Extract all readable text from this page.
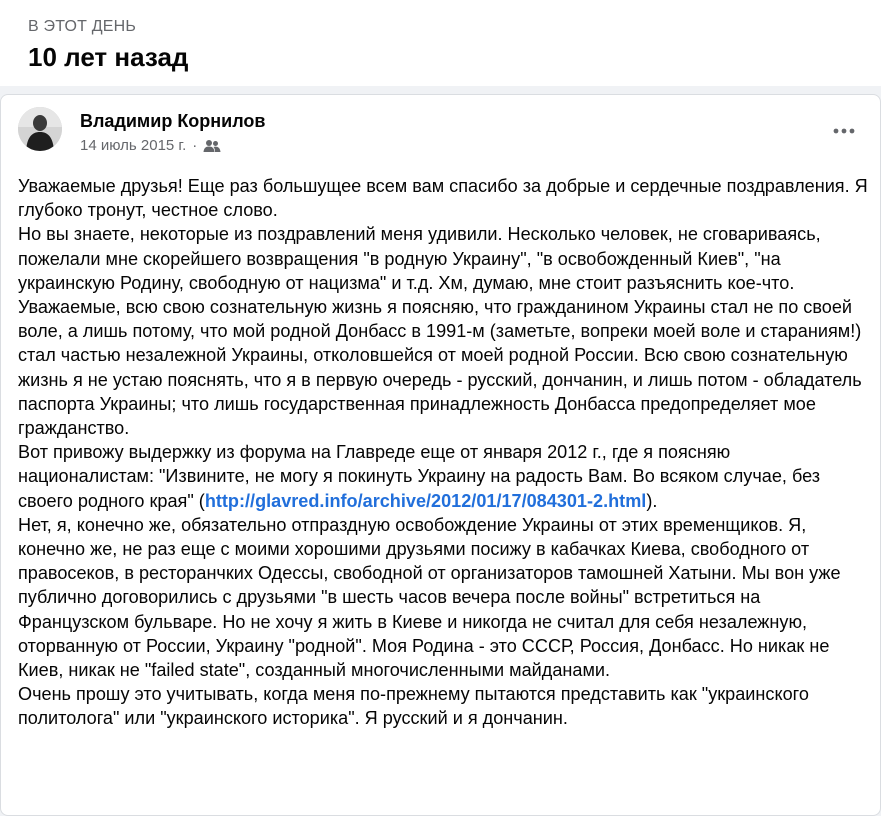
В ЭТОТ ДЕНЬ
10 лет назад
Владимир Корнилов
14 июль 2015 г. ·

Уважаемые друзья! Еще раз большущее всем вам спасибо за добрые и сердечные поздравления. Я глубоко тронут, честное слово.

Но вы знаете, некоторые из поздравлений меня удивили. Несколько человек, не сговариваясь, пожелали мне скорейшего возвращения "в родную Украину", "в освобожденный Киев", "на украинскую Родину, свободную от нацизма" и т.д. Хм, думаю, мне стоит разъяснить кое-что.

Уважаемые, всю свою сознательную жизнь я поясняю, что гражданином Украины стал не по своей воле, а лишь потому, что мой родной Донбасс в 1991-м (заметьте, вопреки моей воле и стараниям!) стал частью незалежной Украины, отколовшейся от моей родной России. Всю свою сознательную жизнь я не устаю пояснять, что я в первую очередь - русский, дончанин, и лишь потом - обладатель паспорта Украины; что лишь государственная принадлежность Донбасса предопределяет мое гражданство.

Вот привожу выдержку из форума на Главреде еще от января 2012 г., где я поясняю националистам: "Извините, не могу я покинуть Украину на радость Вам. Во всяком случае, без своего родного края" (http://glavred.info/archive/2012/01/17/084301-2.html).

Нет, я, конечно же, обязательно отпраздную освобождение Украины от этих временщиков. Я, конечно же, не раз еще с моими хорошими друзьями посижу в кабачках Киева, свободного от правосеков, в ресторанчких Одессы, свободной от организаторов тамошней Хатыни. Мы вон уже публично договорились с друзьями "в шесть часов вечера после войны" встретиться на Французском бульваре. Но не хочу я жить в Киеве и никогда не считал для себя незалежную, оторванную от России, Украину "родной". Моя Родина - это СССР, Россия, Донбасс. Но никак не Киев, никак не "failed state", созданный многочисленными майданами.

Очень прошу это учитывать, когда меня по-прежнему пытаются представить как "украинского политолога" или "украинского историка". Я русский и я дончанин.
